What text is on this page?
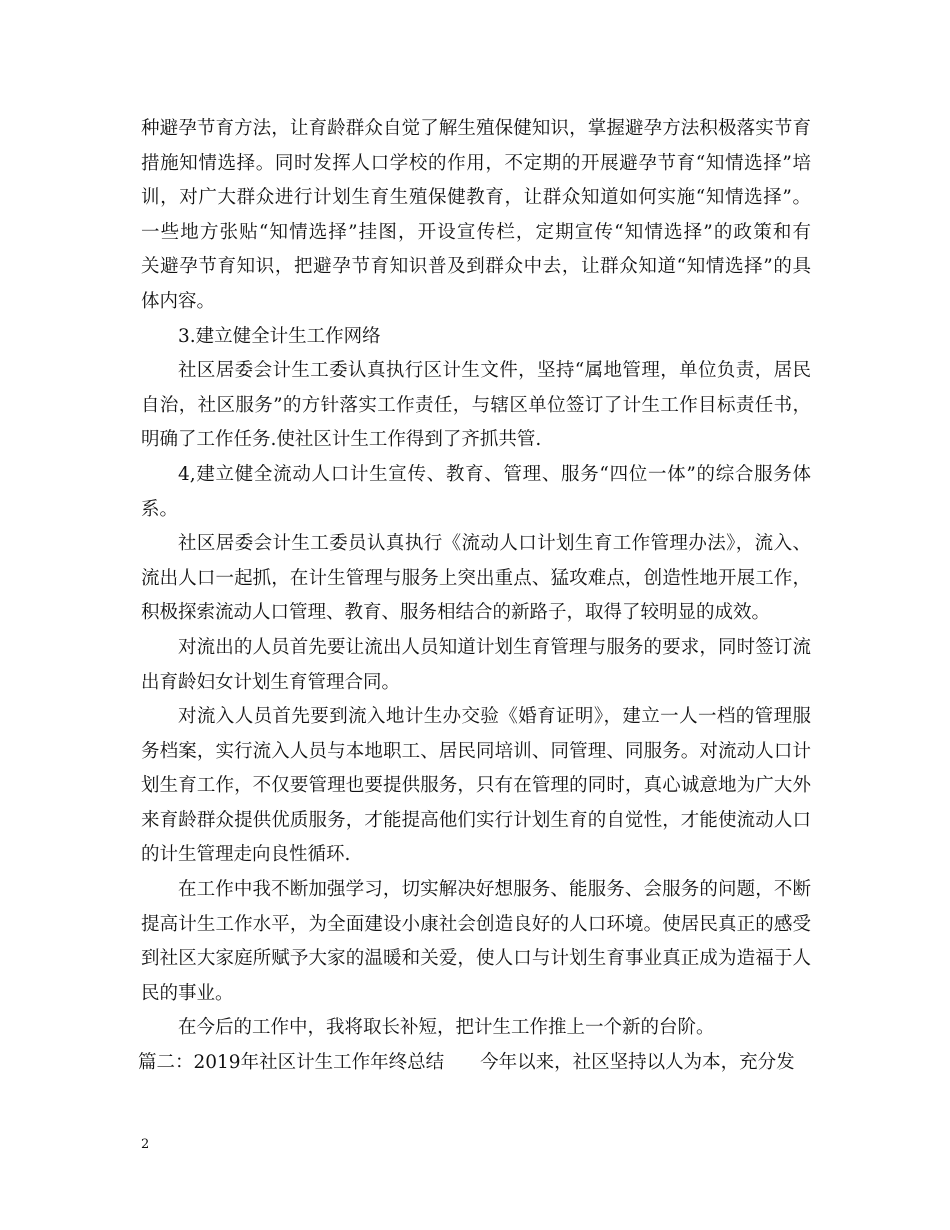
种避孕节育方法，让育龄群众自觉了解生殖保健知识，掌握避孕方法积极落实节育
措施知情选择。同时发挥人口学校的作用，不定期的开展避孕节育“知情选择”培
训，对广大群众进行计划生育生殖保健教育，让群众知道如何实施“知情选择”。
一些地方张贴“知情选择”挂图，开设宣传栏，定期宣传“知情选择”的政策和有
关避孕节育知识，把避孕节育知识普及到群众中去，让群众知道“知情选择”的具
体内容。
3.建立健全计生工作网络
社区居委会计生工委认真执行区计生文件，坚持“属地管理，单位负责，居民
自治，社区服务”的方针落实工作责任，与辖区单位签订了计生工作目标责任书，
明确了工作任务.使社区计生工作得到了齐抓共管.
4,建立健全流动人口计生宣传、教育、管理、服务“四位一体”的综合服务体
系。
社区居委会计生工委员认真执行《流动人口计划生育工作管理办法》，流入、
流出人口一起抓，在计生管理与服务上突出重点、猛攻难点，创造性地开展工作，
积极探索流动人口管理、教育、服务相结合的新路子，取得了较明显的成效。
对流出的人员首先要让流出人员知道计划生育管理与服务的要求，同时签订流
出育龄妇女计划生育管理合同。
对流入人员首先要到流入地计生办交验《婚育证明》，建立一人一档的管理服
务档案，实行流入人员与本地职工、居民同培训、同管理、同服务。对流动人口计
划生育工作，不仅要管理也要提供服务，只有在管理的同时，真心诚意地为广大外
来育龄群众提供优质服务，才能提高他们实行计划生育的自觉性，才能使流动人口
的计生管理走向良性循环.
在工作中我不断加强学习，切实解决好想服务、能服务、会服务的问题，不断
提高计生工作水平，为全面建设小康社会创造良好的人口环境。使居民真正的感受
到社区大家庭所赋予大家的温暖和关爱，使人口与计划生育事业真正成为造福于人
民的事业。
在今后的工作中，我将取长补短，把计生工作推上一个新的台阶。
篇二：2019年社区计生工作年终总结 今年以来，社区坚持以人为本，充分发
2
